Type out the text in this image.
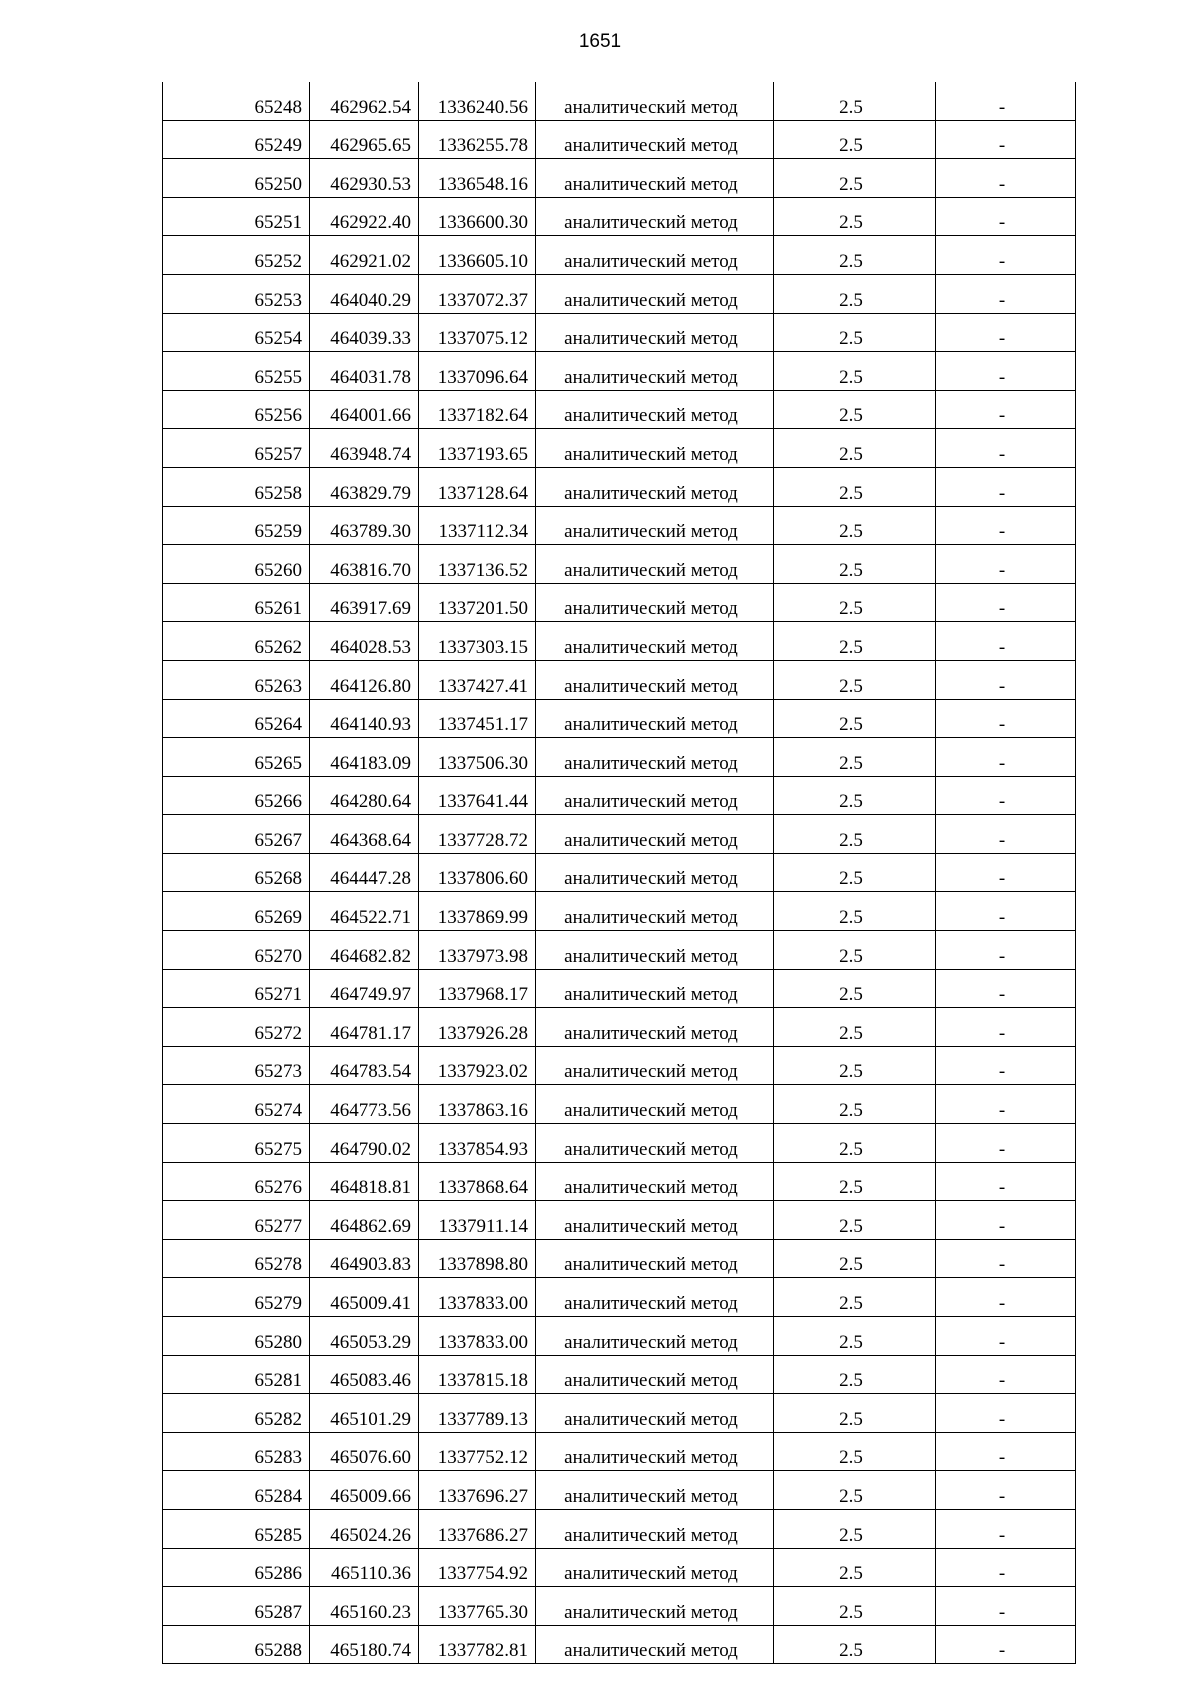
1651
65248	462962.54	1336240.56	аналитический метод	2.5	-
65249	462965.65	1336255.78	аналитический метод	2.5	-
65250	462930.53	1336548.16	аналитический метод	2.5	-
65251	462922.40	1336600.30	аналитический метод	2.5	-
65252	462921.02	1336605.10	аналитический метод	2.5	-
65253	464040.29	1337072.37	аналитический метод	2.5	-
65254	464039.33	1337075.12	аналитический метод	2.5	-
65255	464031.78	1337096.64	аналитический метод	2.5	-
65256	464001.66	1337182.64	аналитический метод	2.5	-
65257	463948.74	1337193.65	аналитический метод	2.5	-
65258	463829.79	1337128.64	аналитический метод	2.5	-
65259	463789.30	1337112.34	аналитический метод	2.5	-
65260	463816.70	1337136.52	аналитический метод	2.5	-
65261	463917.69	1337201.50	аналитический метод	2.5	-
65262	464028.53	1337303.15	аналитический метод	2.5	-
65263	464126.80	1337427.41	аналитический метод	2.5	-
65264	464140.93	1337451.17	аналитический метод	2.5	-
65265	464183.09	1337506.30	аналитический метод	2.5	-
65266	464280.64	1337641.44	аналитический метод	2.5	-
65267	464368.64	1337728.72	аналитический метод	2.5	-
65268	464447.28	1337806.60	аналитический метод	2.5	-
65269	464522.71	1337869.99	аналитический метод	2.5	-
65270	464682.82	1337973.98	аналитический метод	2.5	-
65271	464749.97	1337968.17	аналитический метод	2.5	-
65272	464781.17	1337926.28	аналитический метод	2.5	-
65273	464783.54	1337923.02	аналитический метод	2.5	-
65274	464773.56	1337863.16	аналитический метод	2.5	-
65275	464790.02	1337854.93	аналитический метод	2.5	-
65276	464818.81	1337868.64	аналитический метод	2.5	-
65277	464862.69	1337911.14	аналитический метод	2.5	-
65278	464903.83	1337898.80	аналитический метод	2.5	-
65279	465009.41	1337833.00	аналитический метод	2.5	-
65280	465053.29	1337833.00	аналитический метод	2.5	-
65281	465083.46	1337815.18	аналитический метод	2.5	-
65282	465101.29	1337789.13	аналитический метод	2.5	-
65283	465076.60	1337752.12	аналитический метод	2.5	-
65284	465009.66	1337696.27	аналитический метод	2.5	-
65285	465024.26	1337686.27	аналитический метод	2.5	-
65286	465110.36	1337754.92	аналитический метод	2.5	-
65287	465160.23	1337765.30	аналитический метод	2.5	-
65288	465180.74	1337782.81	аналитический метод	2.5	-
